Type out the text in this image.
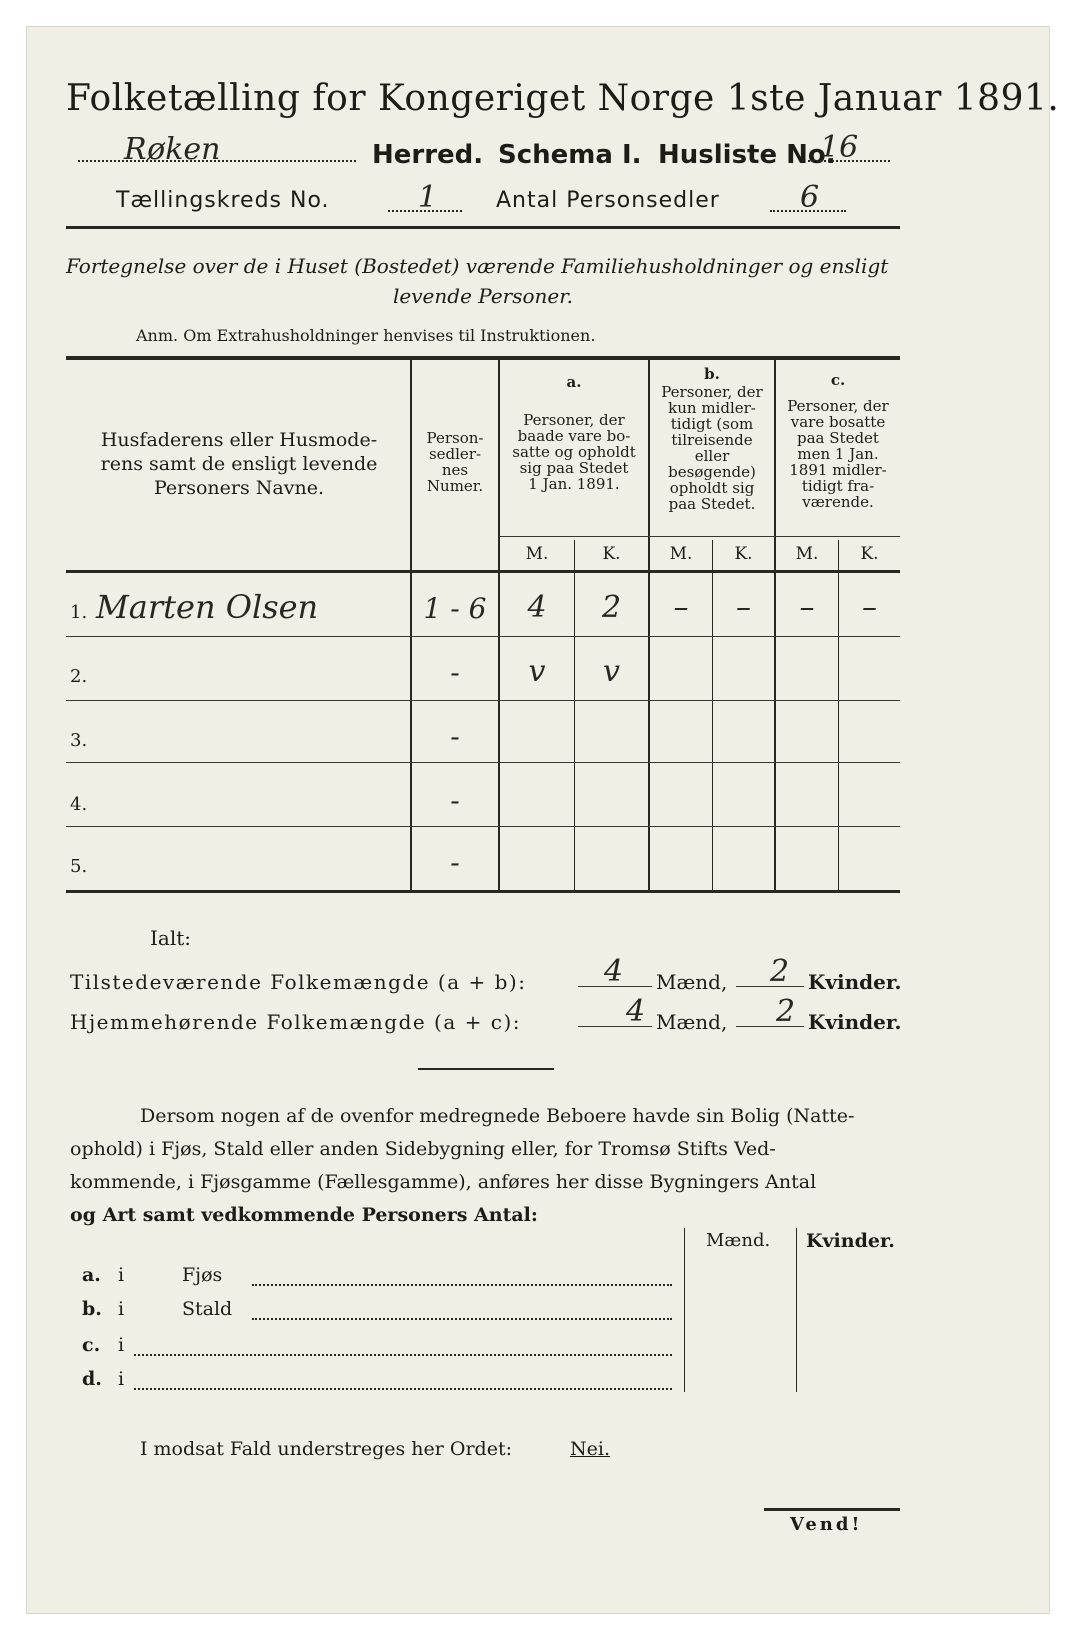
Folketælling for Kongeriget Norge 1ste Januar 1891.
Røken	Herred. Schema I. Husliste No.
16
Tællingskreds No.	1	Antal Personsedler	6
Fortegnelse over de i Huset (Bostedet) værende Familiehusholdninger og ensligt
levende Personer.
Anm. Om Extrahusholdninger henvises til Instruktionen.
Husfaderens eller Husmode-
rens samt de ensligt levende
Personers Navne.
Person-
sedler-
nes
Numer.
a.
Personer, der
baade vare bo-
satte og opholdt
sig paa Stedet
1 Jan. 1891.
b.
Personer, der
kun midler-
tidigt (som
tilreisende
eller
besøgende)
opholdt sig
paa Stedet.
c.
Personer, der
vare bosatte
paa Stedet
men 1 Jan.
1891 midler-
tidigt fra-
værende.
M.	K.	M.	K.	M.	K.
1. Marten Olsen	1 - 6	4	2	–	–	–	–
2.	-	v	v
3.	-
4.	-
5.	-
Ialt:
Tilstedeværende Folkemængde (a + b):	4 Mænd, 2 Kvinder.
Hjemmehørende Folkemængde (a + c):	4 Mænd, 2 Kvinder.
Dersom nogen af de ovenfor medregnede Beboere havde sin Bolig (Natte-
ophold) i Fjøs, Stald eller anden Sidebygning eller, for Tromsø Stifts Ved-
kommende, i Fjøsgamme (Fællesgamme), anføres her disse Bygningers Antal
og Art samt vedkommende Personers Antal:
Mænd. Kvinder.
a. i	Fjøs
b. i	Stald
c. i
d. i
I modsat Fald understreges her Ordet:	Nei.
Vend!
